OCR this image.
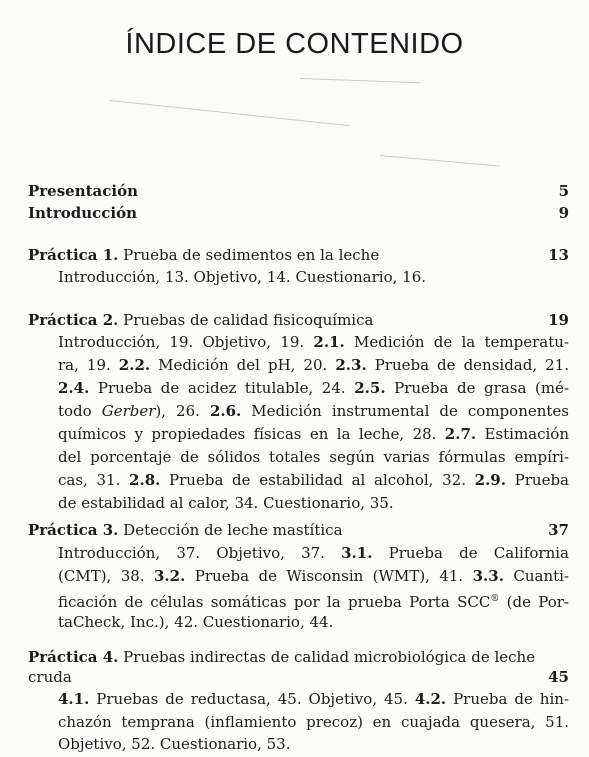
ÍNDICE DE CONTENIDO
Presentación	5
Introducción	9
Práctica 1. Prueba de sedimentos en la leche	13
Introducción, 13. Objetivo, 14. Cuestionario, 16.
Práctica 2. Pruebas de calidad fisicoquímica	19
Introducción, 19. Objetivo, 19. 2.1. Medición de la temperatu-
ra, 19. 2.2. Medición del pH, 20. 2.3. Prueba de densidad, 21.
2.4. Prueba de acidez titulable, 24. 2.5. Prueba de grasa (mé-
todo Gerber), 26. 2.6. Medición instrumental de componentes
químicos y propiedades físicas en la leche, 28. 2.7. Estimación
del porcentaje de sólidos totales según varias fórmulas empíri-
cas, 31. 2.8. Prueba de estabilidad al alcohol, 32. 2.9. Prueba
de estabilidad al calor, 34. Cuestionario, 35.
Práctica 3. Detección de leche mastítica	37
Introducción, 37. Objetivo, 37. 3.1. Prueba de California
(CMT), 38. 3.2. Prueba de Wisconsin (WMT), 41. 3.3. Cuanti-
ficación de células somáticas por la prueba Porta SCC® (de Por-
taCheck, Inc.), 42. Cuestionario, 44.
Práctica 4. Pruebas indirectas de calidad microbiológica de leche
cruda	45
4.1. Pruebas de reductasa, 45. Objetivo, 45. 4.2. Prueba de hin-
chazón temprana (inflamiento precoz) en cuajada quesera, 51.
Objetivo, 52. Cuestionario, 53.
